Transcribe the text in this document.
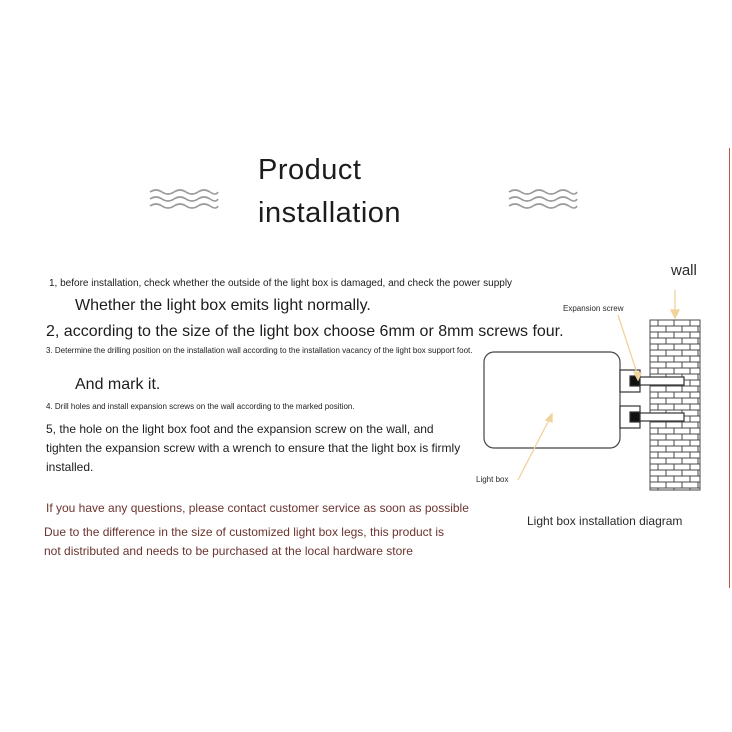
Product
installation
1, before installation, check whether the outside of the light box is damaged, and check the power supply
Whether the light box emits light normally.
2, according to the size of the light box choose 6mm or 8mm screws four.
3. Determine the drilling position on the installation wall according to the installation vacancy of the light box support foot.
And mark it.
4. Drill holes and install expansion screws on the wall according to the marked position.
5, the hole on the light box foot and the expansion screw on the wall, and tighten the expansion screw with a wrench to ensure that the light box is firmly installed.
If you have any questions, please contact customer service as soon as possible
Due to the difference in the size of customized light box legs, this product is not distributed and needs to be purchased at the local hardware store
wall
Expansion screw
Light box
Light box installation diagram
